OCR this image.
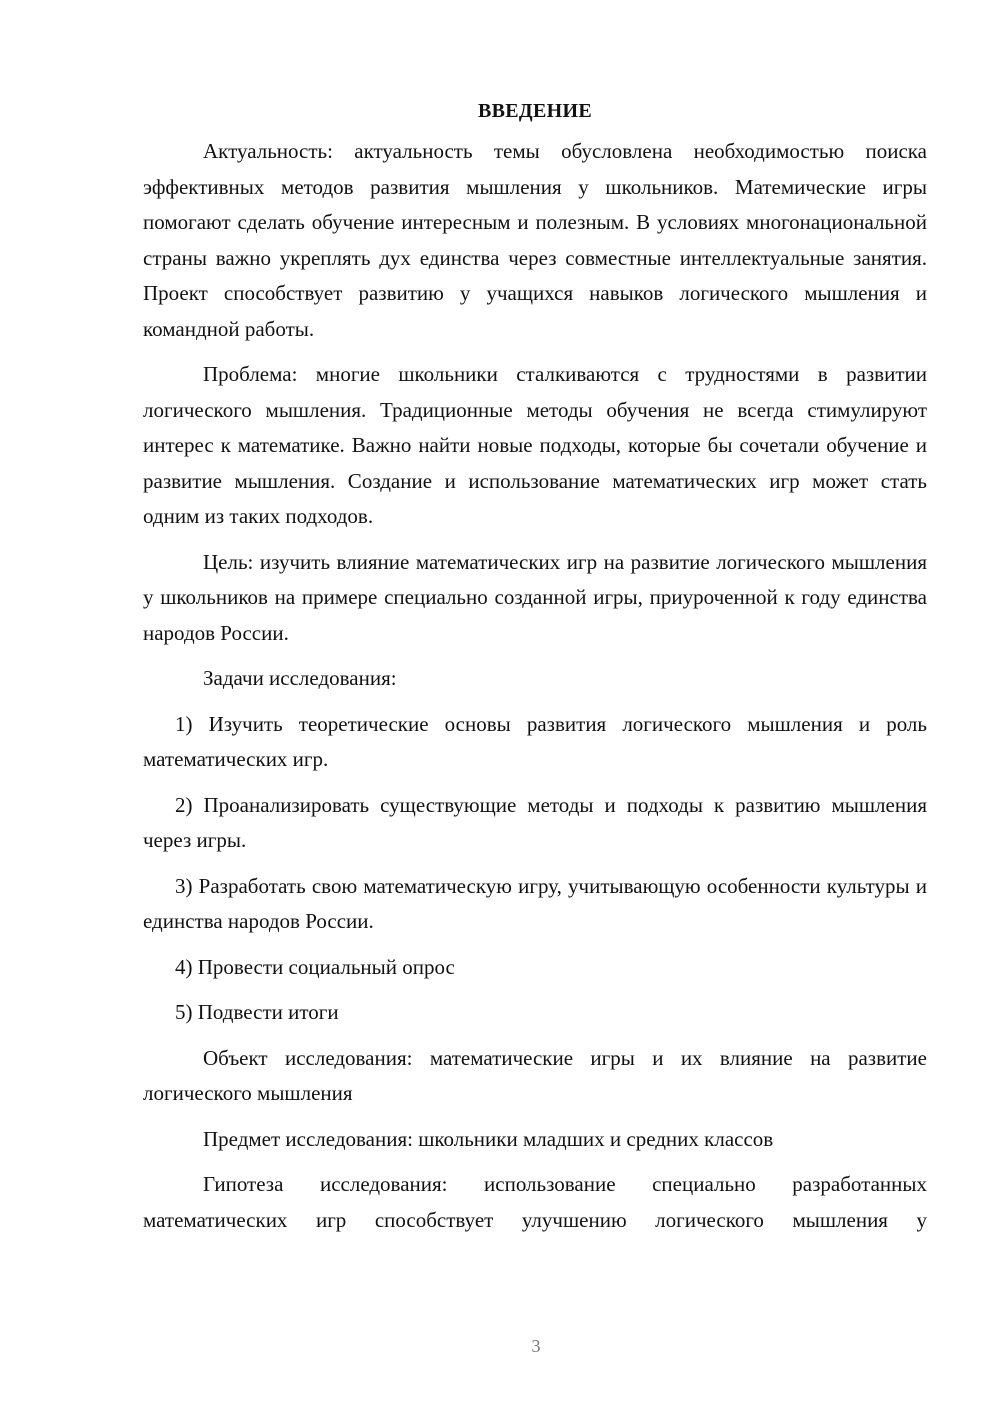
ВВЕДЕНИЕ

Актуальность: актуальность темы обусловлена необходимостью поиска эффективных методов развития мышления у школьников. Матемические игры помогают сделать обучение интересным и полезным. В условиях многонациональной страны важно укреплять дух единства через совместные интеллектуальные занятия. Проект способствует развитию у учащихся навыков логического мышления и командной работы.

Проблема: многие школьники сталкиваются с трудностями в развитии логического мышления. Традиционные методы обучения не всегда стимулируют интерес к математике. Важно найти новые подходы, которые бы сочетали обучение и развитие мышления. Создание и использование математических игр может стать одним из таких подходов.

Цель: изучить влияние математических игр на развитие логического мышления у школьников на примере специально созданной игры, приуроченной к году единства народов России.

Задачи исследования:

1) Изучить теоретические основы развития логического мышления и роль математических игр.

2) Проанализировать существующие методы и подходы к развитию мышления через игры.

3) Разработать свою математическую игру, учитывающую особенности культуры и единства народов России.

4) Провести социальный опрос

5) Подвести итоги

Объект исследования: математические игры и их влияние на развитие логического мышления

Предмет исследования: школьники младших и средних классов

Гипотеза исследования: использование специально разработанных математических игр способствует улучшению логического мышления у

3
